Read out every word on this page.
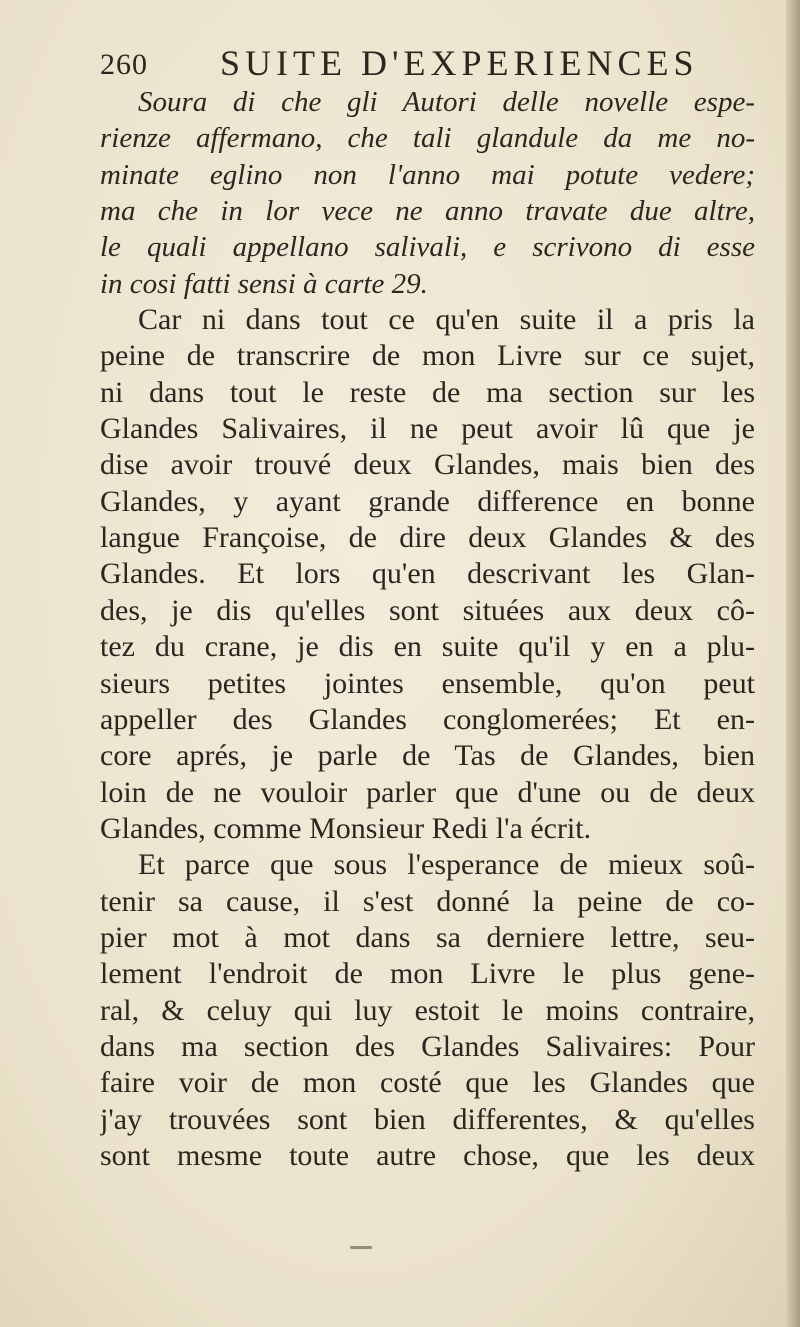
260 SUITE D'EXPERIENCES
Soura di che gli Autori delle novelle espe-
rienze affermano, che tali glandule da me no-
minate eglino non l'anno mai potute vedere;
ma che in lor vece ne anno travate due altre,
le quali appellano salivali, e scrivono di esse
in cosi fatti sensi à carte 29.
Car ni dans tout ce qu'en suite il a pris la
peine de transcrire de mon Livre sur ce sujet,
ni dans tout le reste de ma section sur les
Glandes Salivaires, il ne peut avoir lû que je
dise avoir trouvé deux Glandes, mais bien des
Glandes, y ayant grande difference en bonne
langue Françoise, de dire deux Glandes & des
Glandes. Et lors qu'en descrivant les Glan-
des, je dis qu'elles sont situées aux deux cô-
tez du crane, je dis en suite qu'il y en a plu-
sieurs petites jointes ensemble, qu'on peut
appeller des Glandes conglomerées; Et en-
core aprés, je parle de Tas de Glandes, bien
loin de ne vouloir parler que d'une ou de deux
Glandes, comme Monsieur Redi l'a écrit.
Et parce que sous l'esperance de mieux soû-
tenir sa cause, il s'est donné la peine de co-
pier mot à mot dans sa derniere lettre, seu-
lement l'endroit de mon Livre le plus gene-
ral, & celuy qui luy estoit le moins contraire,
dans ma section des Glandes Salivaires: Pour
faire voir de mon costé que les Glandes que
j'ay trouvées sont bien differentes, & qu'elles
sont mesme toute autre chose, que les deux
